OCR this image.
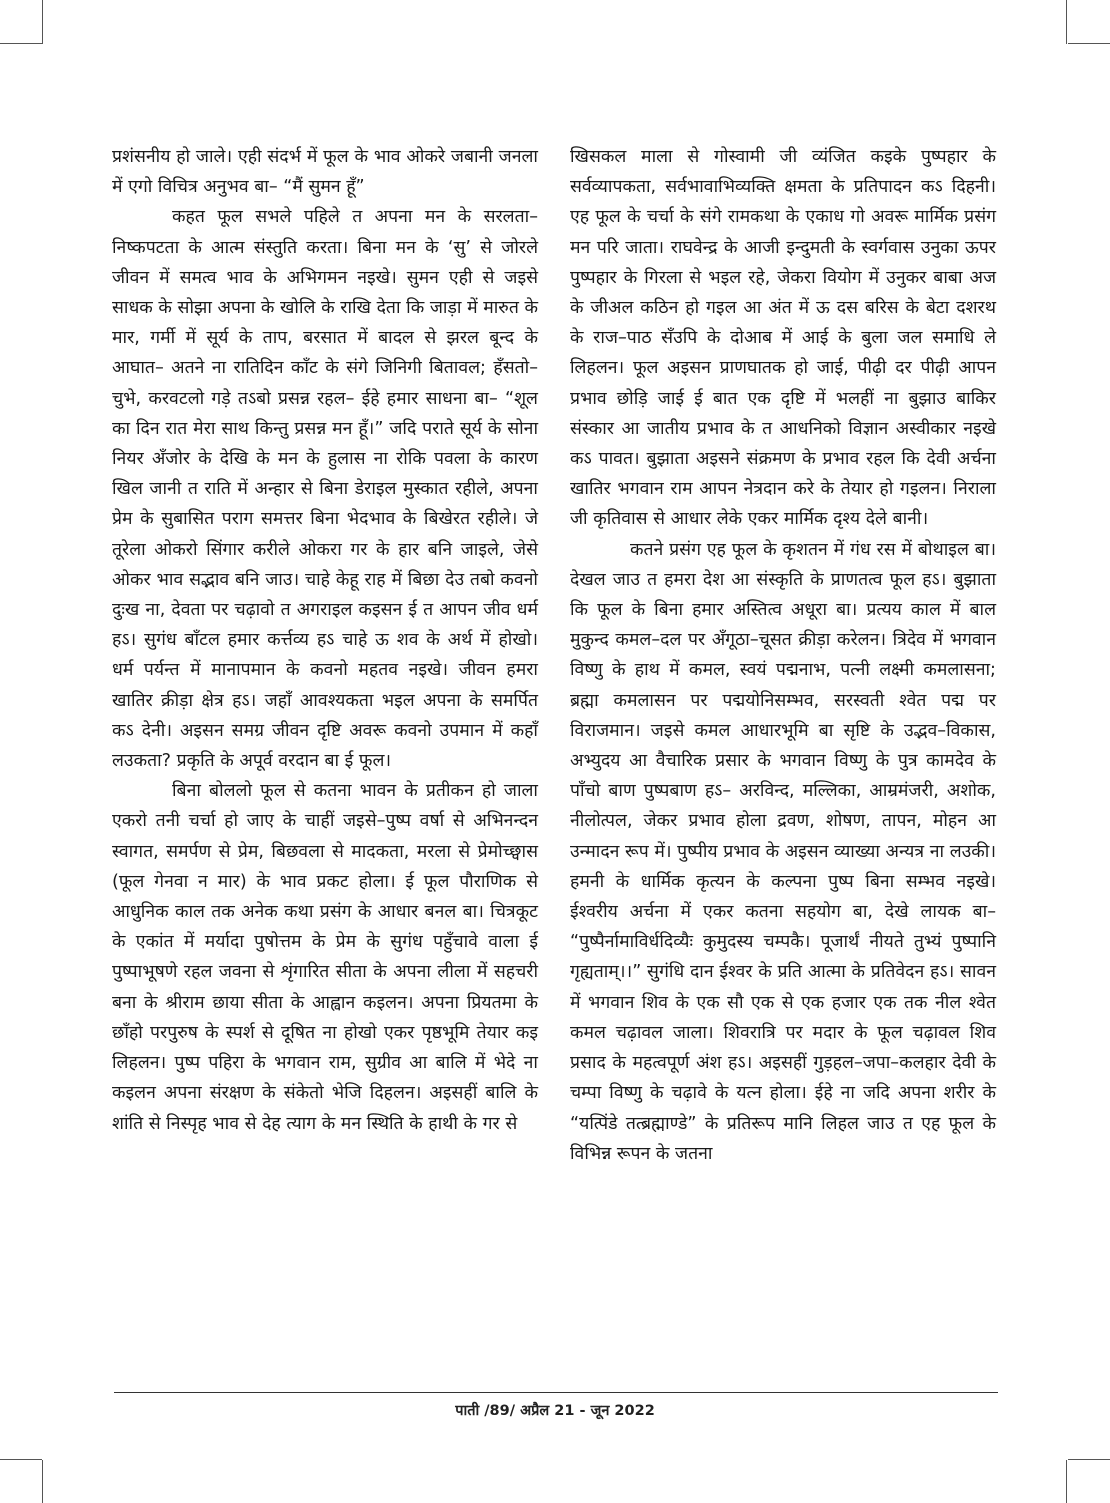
प्रशंसनीय हो जाले। एही संदर्भ में फूल के भाव ओकरे जबानी जनला में एगो विचित्र अनुभव बा– “मैं सुमन हूँ”

कहत फूल सभले पहिले त अपना मन के सरलता–निष्कपटता के आत्म संस्तुति करता। बिना मन के ‘सु’ से जोरले जीवन में समत्व भाव के अभिगमन नइखे। सुमन एही से जइसे साधक के सोझा अपना के खोलि के राखि देता कि जाड़ा में मारुत के मार, गर्मी में सूर्य के ताप, बरसात में बादल से झरल बून्द के आघात– अतने ना रातिदिन काँट के संगे जिनिगी बितावल; हँसतो–चुभे, करवटलो गड़े तऽबो प्रसन्न रहल– ईहे हमार साधना बा– “शूल का दिन रात मेरा साथ किन्तु प्रसन्न मन हूँ।” जदि पराते सूर्य के सोना नियर अँजोर के देखि के मन के हुलास ना रोकि पवला के कारण खिल जानी त राति में अन्हार से बिना डेराइल मुस्कात रहीले, अपना प्रेम के सुबासित पराग समत्तर बिना भेदभाव के बिखेरत रहीले। जे तूरेला ओकरो सिंगार करीले ओकरा गर के हार बनि जाइले, जेसे ओकर भाव सद्भाव बनि जाउ। चाहे केहू राह में बिछा देउ तबो कवनो दुःख ना, देवता पर चढ़ावो त अगराइल कइसन ई त आपन जीव धर्म हऽ। सुगंध बाँटल हमार कर्त्तव्य हऽ चाहे ऊ शव के अर्थ में होखो। धर्म पर्यन्त में मानापमान के कवनो महतव नइखे। जीवन हमरा खातिर क्रीड़ा क्षेत्र हऽ। जहाँ आवश्यकता भइल अपना के समर्पित कऽ देनी। अइसन समग्र जीवन दृष्टि अवरू कवनो उपमान में कहाँ लउकता? प्रकृति के अपूर्व वरदान बा ई फूल।

बिना बोललो फूल से कतना भावन के प्रतीकन हो जाला एकरो तनी चर्चा हो जाए के चाहीं जइसे–पुष्प वर्षा से अभिनन्दन स्वागत, समर्पण से प्रेम, बिछवला से मादकता, मरला से प्रेमोच्छ्वास (फूल गेनवा न मार) के भाव प्रकट होला। ई फूल पौराणिक से आधुनिक काल तक अनेक कथा प्रसंग के आधार बनल बा। चित्रकूट के एकांत में मर्यादा पुषोत्तम के प्रेम के सुगंध पहुँचावे वाला ई पुष्पाभूषणे रहल जवना से शृंगारित सीता के अपना लीला में सहचरी बना के श्रीराम छाया सीता के आह्वान कइलन। अपना प्रियतमा के छाँहो परपुरुष के स्पर्श से दूषित ना होखो एकर पृष्ठभूमि तेयार कइ लिहलन। पुष्प पहिरा के भगवान राम, सुग्रीव आ बालि में भेदे ना कइलन अपना संरक्षण के संकेतो भेजि दिहलन। अइसहीं बालि के शांति से निस्पृह भाव से देह त्याग के मन स्थिति के हाथी के गर से

खिसकल माला से गोस्वामी जी व्यंजित कइके पुष्पहार के सर्वव्यापकता, सर्वभावाभिव्यक्ति क्षमता के प्रतिपादन कऽ दिहनी। एह फूल के चर्चा के संगे रामकथा के एकाध गो अवरू मार्मिक प्रसंग मन परि जाता। राघवेन्द्र के आजी इन्दुमती के स्वर्गवास उनुका ऊपर पुष्पहार के गिरला से भइल रहे, जेकरा वियोग में उनुकर बाबा अज के जीअल कठिन हो गइल आ अंत में ऊ दस बरिस के बेटा दशरथ के राज–पाठ सँउपि के दोआब में आई के बुला जल समाधि ले लिहलन। फूल अइसन प्राणघातक हो जाई, पीढ़ी दर पीढ़ी आपन प्रभाव छोड़ि जाई ई बात एक दृष्टि में भलहीं ना बुझाउ बाकिर संस्कार आ जातीय प्रभाव के त आधनिको विज्ञान अस्वीकार नइखे कऽ पावत। बुझाता अइसने संक्रमण के प्रभाव रहल कि देवी अर्चना खातिर भगवान राम आपन नेत्रदान करे के तेयार हो गइलन। निराला जी कृतिवास से आधार लेके एकर मार्मिक दृश्य देले बानी।

कतने प्रसंग एह फूल के कृशतन में गंध रस में बोथाइल बा। देखल जाउ त हमरा देश आ संस्कृति के प्राणतत्व फूल हऽ। बुझाता कि फूल के बिना हमार अस्तित्व अधूरा बा। प्रत्यय काल में बाल मुकुन्द कमल–दल पर अँगूठा–चूसत क्रीड़ा करेलन। त्रिदेव में भगवान विष्णु के हाथ में कमल, स्वयं पद्मनाभ, पत्नी लक्ष्मी कमलासना; ब्रह्मा कमलासन पर पद्मयोनिसम्भव, सरस्वती श्वेत पद्म पर विराजमान। जइसे कमल आधारभूमि बा सृष्टि के उद्भव–विकास, अभ्युदय आ वैचारिक प्रसार के भगवान विष्णु के पुत्र कामदेव के पाँचो बाण पुष्पबाण हऽ– अरविन्द, मल्लिका, आम्रमंजरी, अशोक, नीलोत्पल, जेकर प्रभाव होला द्रवण, शोषण, तापन, मोहन आ उन्मादन रूप में। पुष्पीय प्रभाव के अइसन व्याख्या अन्यत्र ना लउकी। हमनी के धार्मिक कृत्यन के कल्पना पुष्प बिना सम्भव नइखे। ईश्वरीय अर्चना में एकर कतना सहयोग बा, देखे लायक बा– “पुष्पैर्नामाविर्धदिव्यैः कुमुदस्य चम्पकै। पूजार्थं नीयते तुभ्यं पुष्पानि गृह्यताम्।।” सुगंधि दान ईश्वर के प्रति आत्मा के प्रतिवेदन हऽ। सावन में भगवान शिव के एक सौ एक से एक हजार एक तक नील श्वेत कमल चढ़ावल जाला। शिवरात्रि पर मदार के फूल चढ़ावल शिव प्रसाद के महत्वपूर्ण अंश हऽ। अइसहीं गुड़हल–जपा–कलहार देवी के चम्पा विष्णु के चढ़ावे के यत्न होला। ईहे ना जदि अपना शरीर के “यत्पिंडे तत्ब्रह्माण्डे” के प्रतिरूप मानि लिहल जाउ त एह फूल के विभिन्न रूपन के जतना

पाती /89/ अप्रैल 21 - जून 2022
